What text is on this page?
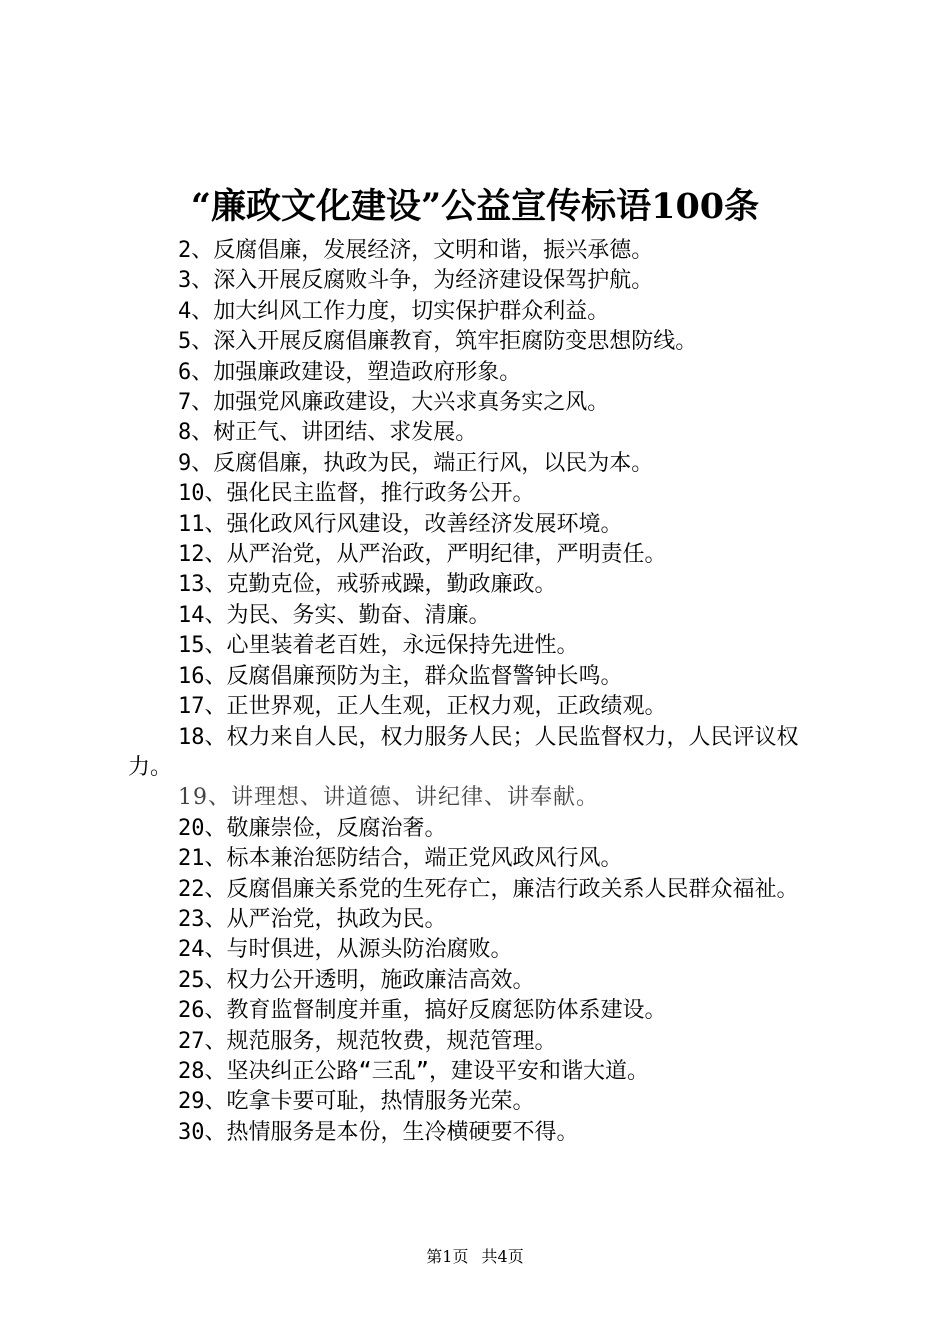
“廉政文化建设”公益宣传标语100条

2、反腐倡廉，发展经济，文明和谐，振兴承德。

3、深入开展反腐败斗争，为经济建设保驾护航。

4、加大纠风工作力度，切实保护群众利益。

5、深入开展反腐倡廉教育，筑牢拒腐防变思想防线。

6、加强廉政建设，塑造政府形象。

7、加强党风廉政建设，大兴求真务实之风。

8、树正气、讲团结、求发展。

9、反腐倡廉，执政为民，端正行风，以民为本。

10、强化民主监督，推行政务公开。

11、强化政风行风建设，改善经济发展环境。

12、从严治党，从严治政，严明纪律，严明责任。

13、克勤克俭，戒骄戒躁，勤政廉政。

14、为民、务实、勤奋、清廉。

15、心里装着老百姓，永远保持先进性。

16、反腐倡廉预防为主，群众监督警钟长鸣。

17、正世界观，正人生观，正权力观，正政绩观。

18、权力来自人民，权力服务人民；人民监督权力，人民评议权力。

19、讲理想、讲道德、讲纪律、讲奉献。

20、敬廉崇俭，反腐治奢。

21、标本兼治惩防结合，端正党风政风行风。

22、反腐倡廉关系党的生死存亡，廉洁行政关系人民群众福祉。

23、从严治党，执政为民。

24、与时俱进，从源头防治腐败。

25、权力公开透明，施政廉洁高效。

26、教育监督制度并重，搞好反腐惩防体系建设。

27、规范服务，规范牧费，规范管理。

28、坚决纠正公路“三乱”，建设平安和谐大道。

29、吃拿卡要可耻，热情服务光荣。

30、热情服务是本份，生冷横硬要不得。

第1页 共4页
